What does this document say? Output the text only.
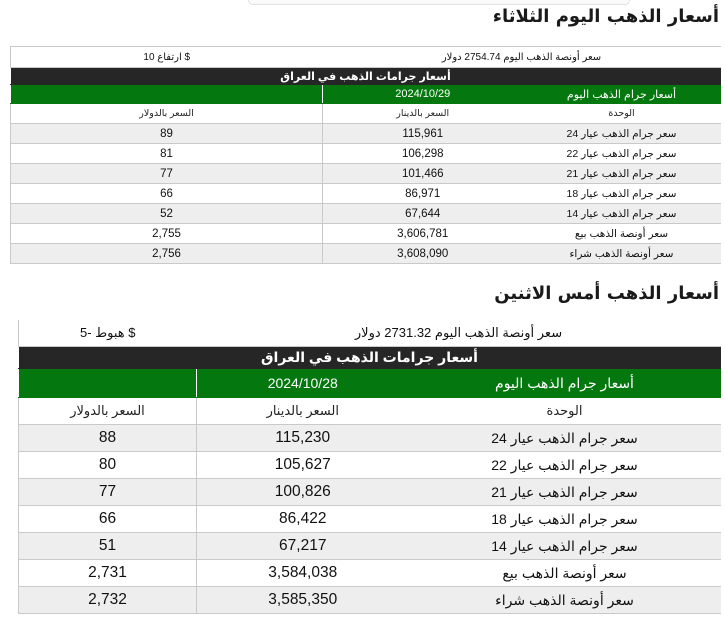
أسعار الذهب اليوم الثلاثاء
سعر أونصة الذهب اليوم 2754.74 دولار		ارتفاع 10 $
أسعار جرامات الذهب في العراق		
أسعار جرام الذهب اليوم	2024/10/29	
الوحدة	السعر بالدينار	السعر بالدولار
سعر جرام الذهب عيار 24	115,961	89
سعر جرام الذهب عيار 22	106,298	81
سعر جرام الذهب عيار 21	101,466	77
سعر جرام الذهب عيار 18	86,971	66
سعر جرام الذهب عيار 14	67,644	52
سعر أونصة الذهب بيع	3,606,781	2,755
سعر أونصة الذهب شراء	3,608,090	2,756
أسعار الذهب أمس الاثنين
سعر أونصة الذهب اليوم 2731.32 دولار		هبوط -5 $
أسعار جرامات الذهب في العراق		
أسعار جرام الذهب اليوم	2024/10/28	
الوحدة	السعر بالدينار	السعر بالدولار
سعر جرام الذهب عيار 24	115,230	88
سعر جرام الذهب عيار 22	105,627	80
سعر جرام الذهب عيار 21	100,826	77
سعر جرام الذهب عيار 18	86,422	66
سعر جرام الذهب عيار 14	67,217	51
سعر أونصة الذهب بيع	3,584,038	2,731
سعر أونصة الذهب شراء	3,585,350	2,732
